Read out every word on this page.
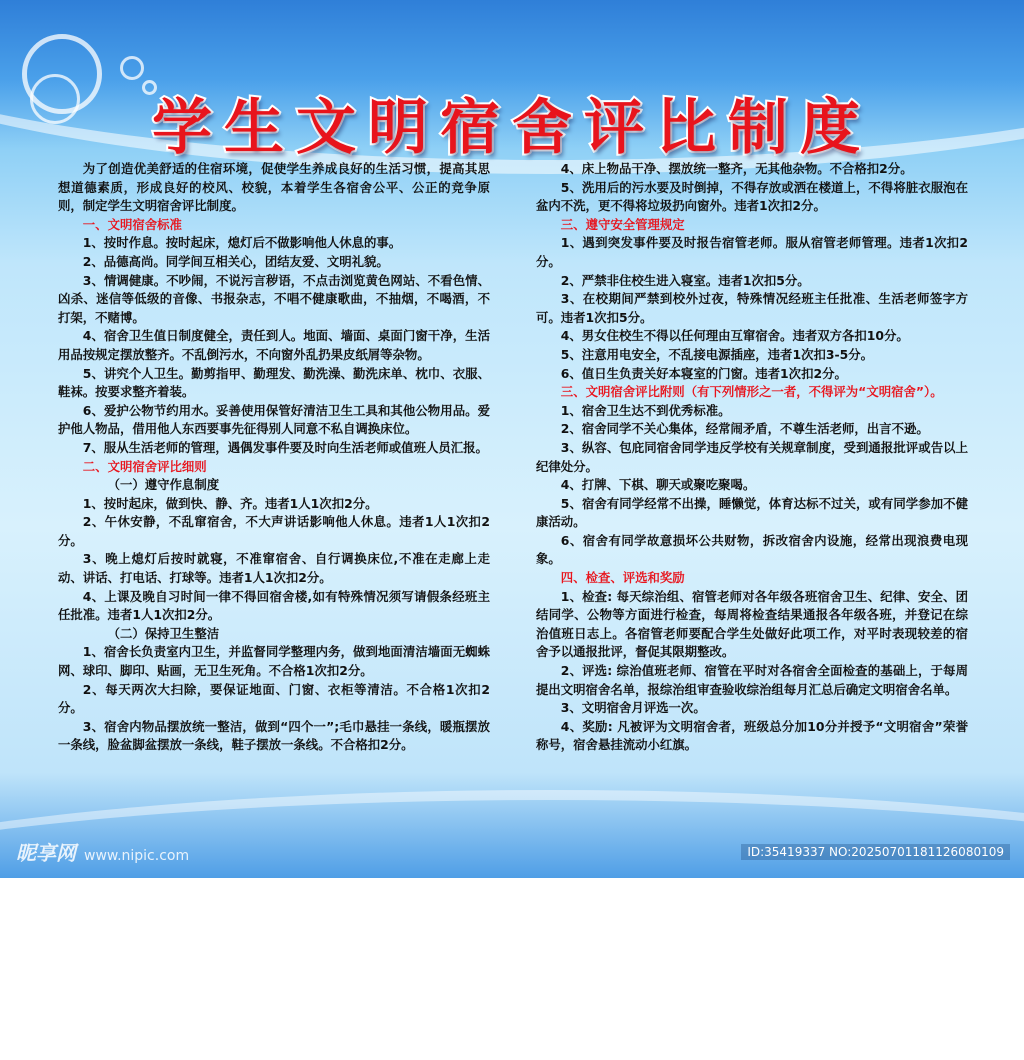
学生文明宿舍评比制度

为了创造优美舒适的住宿环境，促使学生养成良好的生活习惯，提高其思想道德素质，形成良好的校风、校貌，本着学生各宿舍公平、公正的竞争原则，制定学生文明宿舍评比制度。

一、文明宿舍标准

1、按时作息。按时起床，熄灯后不做影响他人休息的事。

2、品德高尚。同学间互相关心，团结友爱、文明礼貌。

3、情调健康。不吵闹，不说污言秽语，不点击浏览黄色网站、不看色情、凶杀、迷信等低级的音像、书报杂志，不唱不健康歌曲，不抽烟，不喝酒，不打架，不赌博。

4、宿舍卫生值日制度健全，责任到人。地面、墙面、桌面门窗干净，生活用品按规定摆放整齐。不乱倒污水，不向窗外乱扔果皮纸屑等杂物。

5、讲究个人卫生。勤剪指甲、勤理发、勤洗澡、勤洗床单、枕巾、衣服、鞋袜。按要求整齐着装。

6、爱护公物节约用水。妥善使用保管好清洁卫生工具和其他公物用品。爱护他人物品，借用他人东西要事先征得别人同意不私自调换床位。

7、服从生活老师的管理，遇偶发事件要及时向生活老师或值班人员汇报。

二、文明宿舍评比细则

（一）遵守作息制度

1、按时起床，做到快、静、齐。违者1人1次扣2分。

2、午休安静，不乱窜宿舍，不大声讲话影响他人休息。违者1人1次扣2分。

3、晚上熄灯后按时就寝，不准窜宿舍、自行调换床位,不准在走廊上走动、讲话、打电话、打球等。违者1人1次扣2分。

4、上课及晚自习时间一律不得回宿舍楼,如有特殊情况须写请假条经班主任批准。违者1人1次扣2分。

（二）保持卫生整洁

1、宿舍长负责室内卫生，并监督同学整理内务，做到地面清洁墙面无蜘蛛网、球印、脚印、贴画，无卫生死角。不合格1次扣2分。

2、每天两次大扫除，要保证地面、门窗、衣柜等清洁。不合格1次扣2分。

3、宿舍内物品摆放统一整洁，做到“四个一”;毛巾悬挂一条线，暖瓶摆放一条线，脸盆脚盆摆放一条线，鞋子摆放一条线。不合格扣2分。

4、床上物品干净、摆放统一整齐，无其他杂物。不合格扣2分。

5、洗用后的污水要及时倒掉，不得存放或洒在楼道上，不得将脏衣服泡在盆内不洗，更不得将垃圾扔向窗外。违者1次扣2分。

三、遵守安全管理规定

1、遇到突发事件要及时报告宿管老师。服从宿管老师管理。违者1次扣2分。

2、严禁非住校生进入寝室。违者1次扣5分。

3、在校期间严禁到校外过夜，特殊情况经班主任批准、生活老师签字方可。违者1次扣5分。

4、男女住校生不得以任何理由互窜宿舍。违者双方各扣10分。

5、注意用电安全，不乱接电源插座，违者1次扣3-5分。

6、值日生负责关好本寝室的门窗。违者1次扣2分。

三、文明宿舍评比附则（有下列情形之一者，不得评为“文明宿舍”）。

1、宿舍卫生达不到优秀标准。

2、宿舍同学不关心集体，经常闹矛盾，不尊生活老师，出言不逊。

3、纵容、包庇同宿舍同学违反学校有关规章制度，受到通报批评或告以上纪律处分。

4、打牌、下棋、聊天或聚吃聚喝。

5、宿舍有同学经常不出操，睡懒觉，体育达标不过关，或有同学参加不健康活动。

6、宿舍有同学故意损坏公共财物，拆改宿舍内设施，经常出现浪费电现象。

四、检查、评选和奖励

1、检查: 每天综治组、宿管老师对各年级各班宿舍卫生、纪律、安全、团结同学、公物等方面进行检查，每周将检查结果通报各年级各班，并登记在综治值班日志上。各宿管老师要配合学生处做好此项工作，对平时表现较差的宿舍予以通报批评，督促其限期整改。

2、评选: 综治值班老师、宿管在平时对各宿舍全面检查的基础上，于每周提出文明宿舍名单，报综治组审查验收综治组每月汇总后确定文明宿舍名单。

3、文明宿舍月评选一次。

4、奖励: 凡被评为文明宿舍者，班级总分加10分并授予“文明宿舍”荣誉称号，宿舍悬挂流动小红旗。

昵享网 www.nipic.com	ID:35419337 NO:20250701181126080109
